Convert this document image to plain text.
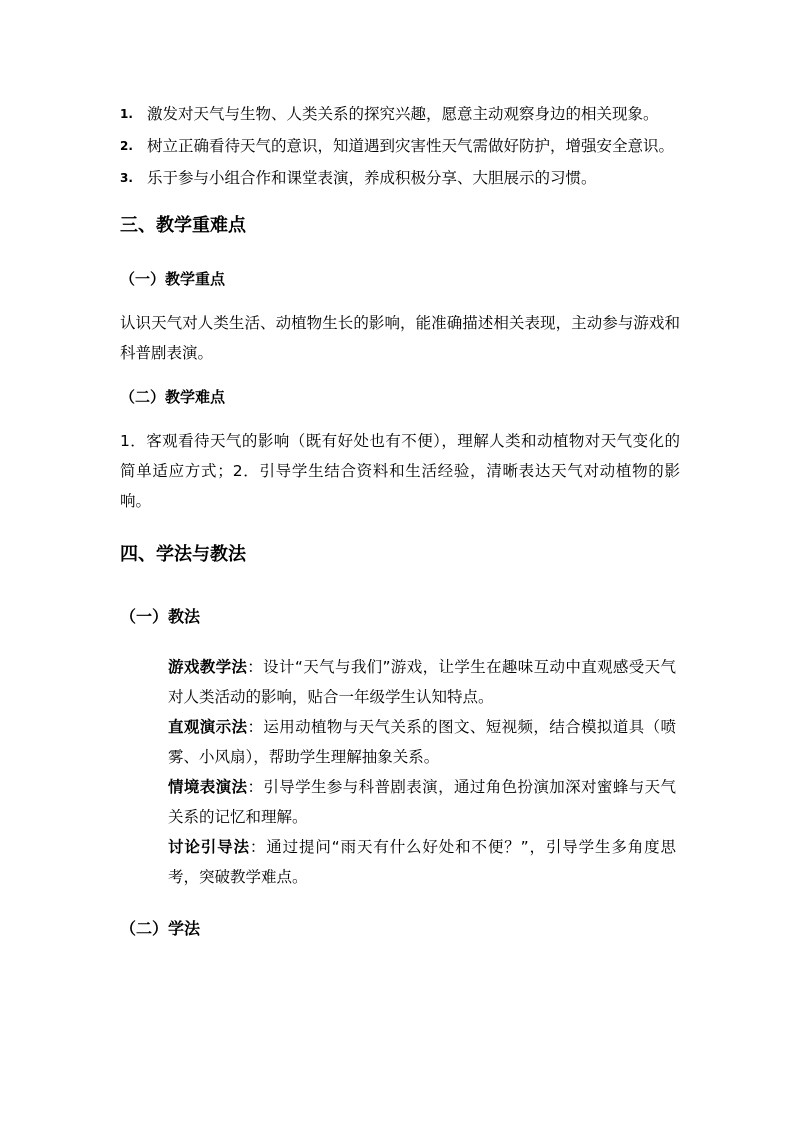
1. 激发对天气与生物、人类关系的探究兴趣，愿意主动观察身边的相关现象。
2. 树立正确看待天气的意识，知道遇到灾害性天气需做好防护，增强安全意识。
3. 乐于参与小组合作和课堂表演，养成积极分享、大胆展示的习惯。
三、教学重难点
（一）教学重点

认识天气对人类生活、动植物生长的影响，能准确描述相关表现，主动参与游戏和科普剧表演。

（二）教学难点

1．客观看待天气的影响（既有好处也有不便），理解人类和动植物对天气变化的简单适应方式；2．引导学生结合资料和生活经验，清晰表达天气对动植物的影响。

四、学法与教法
（一）教法

游戏教学法：设计“天气与我们”游戏，让学生在趣味互动中直观感受天气对人类活动的影响，贴合一年级学生认知特点。

直观演示法：运用动植物与天气关系的图文、短视频，结合模拟道具（喷雾、小风扇），帮助学生理解抽象关系。

情境表演法：引导学生参与科普剧表演，通过角色扮演加深对蜜蜂与天气关系的记忆和理解。

讨论引导法：通过提问“雨天有什么好处和不便？”，引导学生多角度思考，突破教学难点。

（二）学法
